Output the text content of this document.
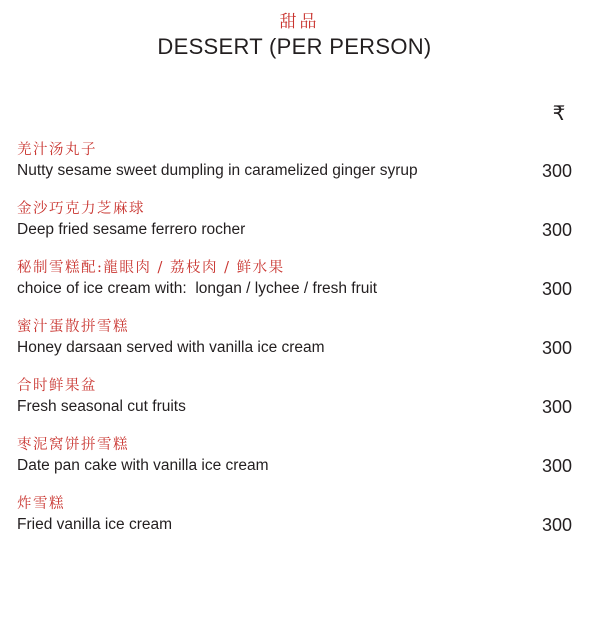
甜品
DESSERT (PER PERSON)
₹
羌汁汤丸子
Nutty sesame sweet dumpling in caramelized ginger syrup	300
金沙巧克力芝麻球
Deep fried sesame ferrero rocher	300
秘制雪糕配:龍眼肉 / 荔枝肉 / 鲜水果
choice of ice cream with:  longan / lychee / fresh fruit	300
蜜汁蛋散拼雪糕
Honey darsaan served with vanilla ice cream	300
合时鲜果盆
Fresh seasonal cut fruits	300
枣泥窝饼拼雪糕
Date pan cake with vanilla ice cream	300
炸雪糕
Fried vanilla ice cream	300
